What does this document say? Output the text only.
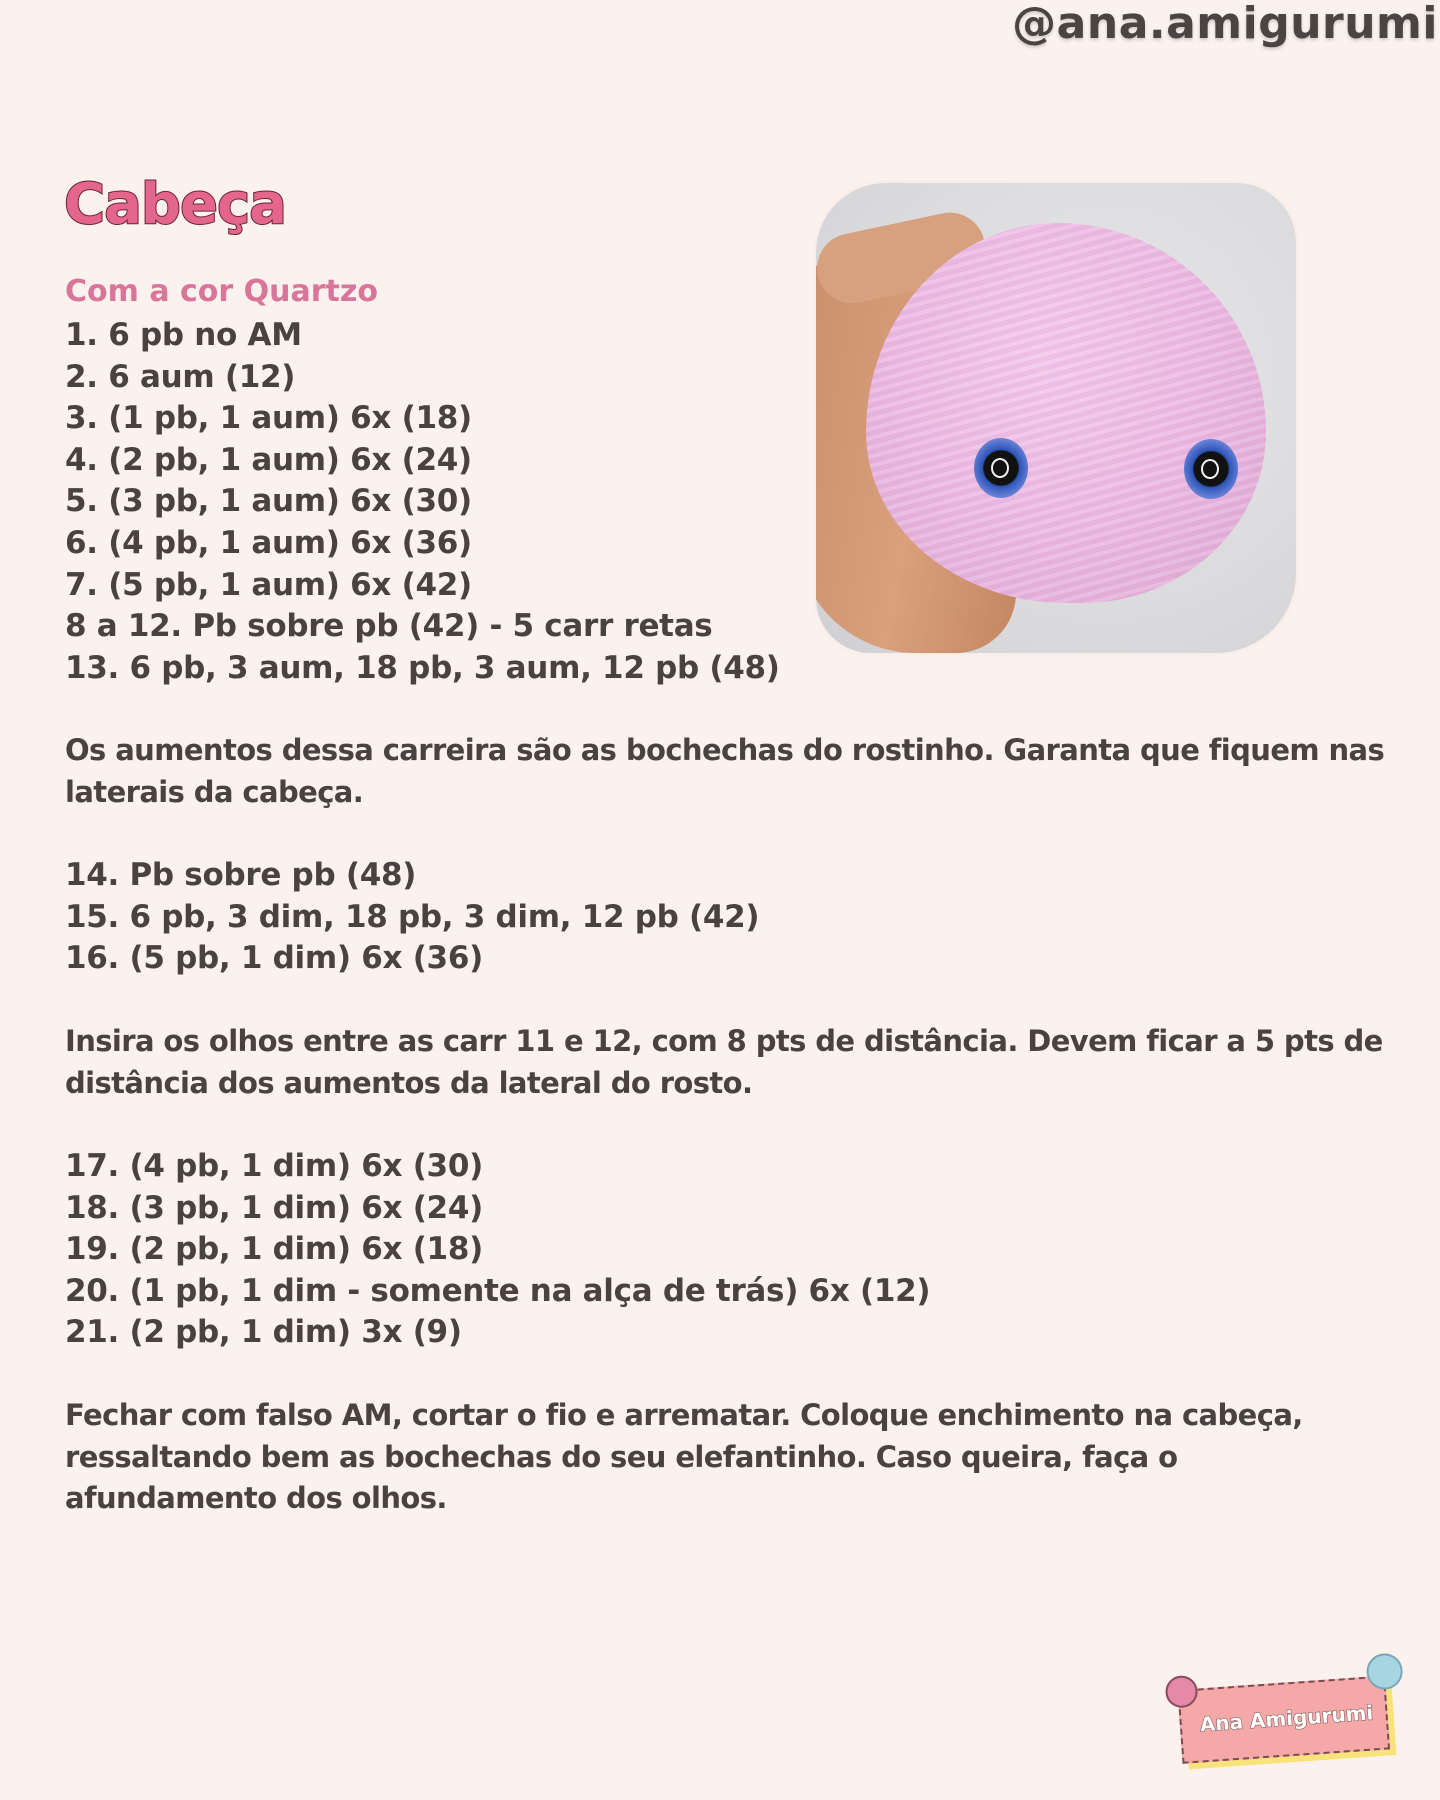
@ana.amigurumi
Cabeça
Com a cor Quartzo
1. 6 pb no AM
2. 6 aum (12)
3. (1 pb, 1 aum) 6x (18)
4. (2 pb, 1 aum) 6x (24)
5. (3 pb, 1 aum) 6x (30)
6. (4 pb, 1 aum) 6x (36)
7. (5 pb, 1 aum) 6x (42)
8 a 12. Pb sobre pb (42) - 5 carr retas
13. 6 pb, 3 aum, 18 pb, 3 aum, 12 pb (48)
Os aumentos dessa carreira são as bochechas do rostinho. Garanta que fiquem nas laterais da cabeça.
14. Pb sobre pb (48)
15. 6 pb, 3 dim, 18 pb, 3 dim, 12 pb (42)
16. (5 pb, 1 dim) 6x (36)
Insira os olhos entre as carr 11 e 12, com 8 pts de distância. Devem ficar a 5 pts de distância dos aumentos da lateral do rosto.
17. (4 pb, 1 dim) 6x (30)
18. (3 pb, 1 dim) 6x (24)
19. (2 pb, 1 dim) 6x (18)
20. (1 pb, 1 dim - somente na alça de trás) 6x (12)
21. (2 pb, 1 dim) 3x (9)
Fechar com falso AM, cortar o fio e arrematar. Coloque enchimento na cabeça, ressaltando bem as bochechas do seu elefantinho. Caso queira, faça o afundamento dos olhos.
Ana Amigurumi
